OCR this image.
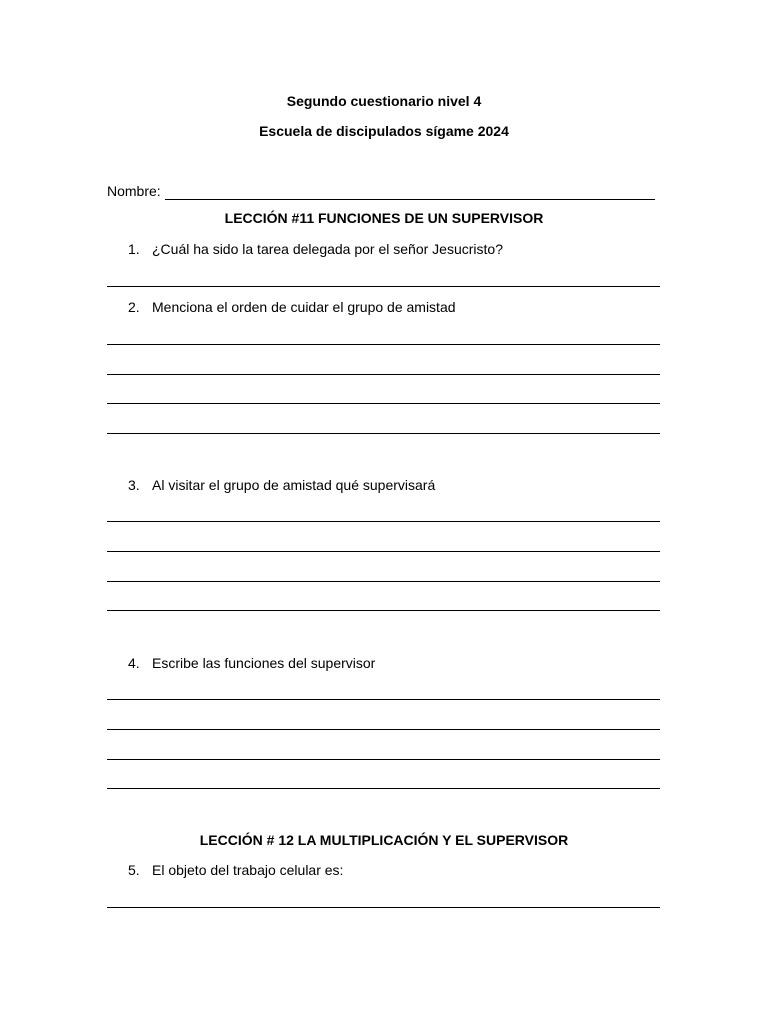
Segundo cuestionario nivel 4
Escuela de discipulados sígame 2024
Nombre:
LECCIÓN #11 FUNCIONES DE UN SUPERVISOR
1. ¿Cuál ha sido la tarea delegada por el señor Jesucristo?
2. Menciona el orden de cuidar el grupo de amistad
3. Al visitar el grupo de amistad qué supervisará
4. Escribe las funciones del supervisor
LECCIÓN # 12 LA MULTIPLICACIÓN Y EL SUPERVISOR
5. El objeto del trabajo celular es:
